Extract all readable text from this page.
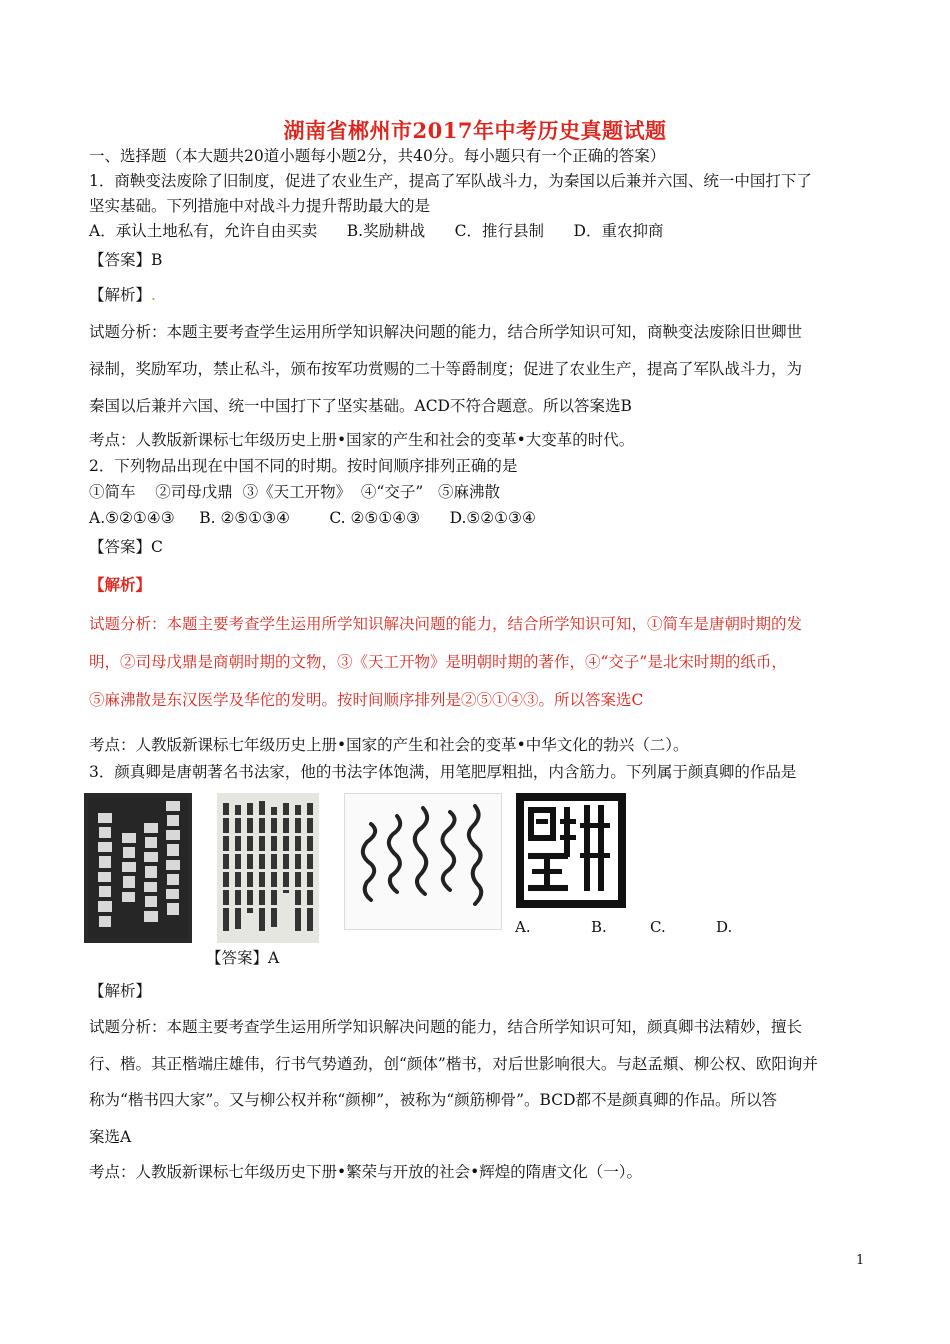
湖南省郴州市2017年中考历史真题试题
一、选择题（本大题共20道小题每小题2分，共40分。每小题只有一个正确的答案）
1．商鞅变法废除了旧制度，促进了农业生产，提高了军队战斗力，为秦国以后兼并六国、统一中国打下了
坚实基础。下列措施中对战斗力提升帮助最大的是
A．承认土地私有，允许自由买卖      B.奖励耕战      C．推行县制      D．重农抑商
【答案】B
【解析】.
试题分析：本题主要考查学生运用所学知识解决问题的能力，结合所学知识可知，商鞅变法废除旧世卿世
禄制，奖励军功，禁止私斗，颁布按军功赏赐的二十等爵制度；促进了农业生产，提高了军队战斗力，为
秦国以后兼并六国、统一中国打下了坚实基础。ACD不符合题意。所以答案选B
考点：人教版新课标七年级历史上册•国家的产生和社会的变革•大变革的时代。
2．下列物品出现在中国不同的时期。按时间顺序排列正确的是
①简车    ②司母戊鼎  ③《天工开物》  ④“交子”   ⑤麻沸散
A.⑤②①④③     B. ②⑤①③④        C. ②⑤①④③      D.⑤②①③④
【答案】C
【解析】
试题分析：本题主要考查学生运用所学知识解决问题的能力，结合所学知识可知，①简车是唐朝时期的发
明，②司母戊鼎是商朝时期的文物，③《天工开物》是明朝时期的著作，④“交子”是北宋时期的纸币，
⑤麻沸散是东汉医学及华佗的发明。按时间顺序排列是②⑤①④③。所以答案选C
考点：人教版新课标七年级历史上册•国家的产生和社会的变革•中华文化的勃兴（二）。
3．颜真卿是唐朝著名书法家，他的书法字体饱满，用笔肥厚粗拙，内含筋力。下列属于颜真卿的作品是
【答案】A
A.	B.	C.	D.
【解析】
试题分析：本题主要考查学生运用所学知识解决问题的能力，结合所学知识可知，颜真卿书法精妙，擅长
行、楷。其正楷端庄雄伟，行书气势遒劲，创“颜体”楷书，对后世影响很大。与赵孟頫、柳公权、欧阳询并
称为“楷书四大家”。又与柳公权并称“颜柳”，被称为“颜筋柳骨”。BCD都不是颜真卿的作品。所以答
案选A
考点：人教版新课标七年级历史下册•繁荣与开放的社会•辉煌的隋唐文化（一）。
1
